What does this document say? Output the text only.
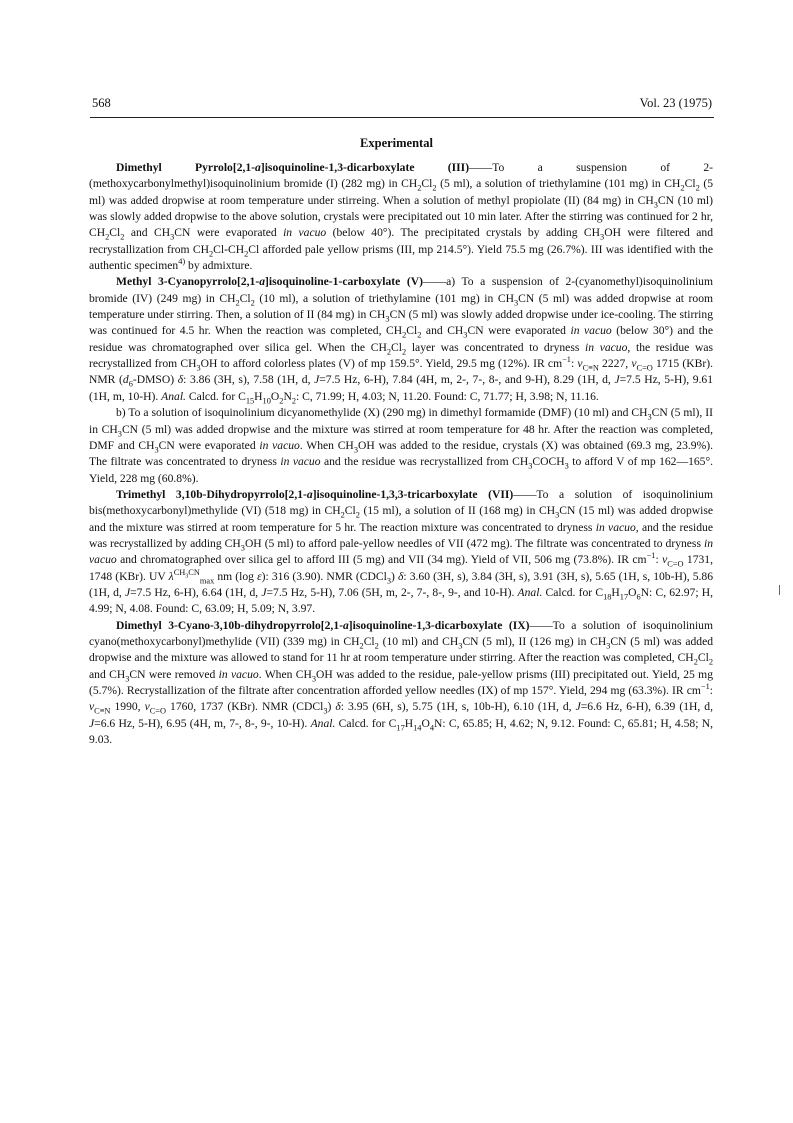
568	Vol. 23 (1975)
Experimental

Dimethyl Pyrrolo[2,1-a]isoquinoline-1,3-dicarboxylate (III)——To a suspension of 2-(methoxycarbonylmethyl)isoquinolinium bromide (I) (282 mg) in $CH_2Cl_2$ (5 ml), a solution of triethylamine (101 mg) in $CH_2Cl_2$ (5 ml) was added dropwise at room temperature under stirreing. When a solution of methyl propiolate (II) (84 mg) in $CH_3CN$ (10 ml) was slowly added dropwise to the above solution, crystals were precipitated out 10 min later. After the stirring was continued for 2 hr, $CH_2Cl_2$ and $CH_3CN$ were evaporated in vacuo (below 40°). The precipitated crystals by adding $CH_3OH$ were filtered and recrystallization from $CH_2Cl-CH_2Cl$ afforded pale yellow prisms (III, mp 214.5°). Yield 75.5 mg (26.7%). III was identified with the authentic specimen$^{4)}$ by admixture.

Methyl 3-Cyanopyrrolo[2,1-a]isoquinoline-1-carboxylate (V)——a) To a suspension of 2-(cyanomethyl)isoquinolinium bromide (IV) (249 mg) in $CH_2Cl_2$ (10 ml), a solution of triethylamine (101 mg) in $CH_3CN$ (5 ml) was added dropwise at room temperature under stirring. Then, a solution of II (84 mg) in $CH_3CN$ (5 ml) was slowly added dropwise under ice-cooling. The stirring was continued for 4.5 hr. When the reaction was completed, $CH_2Cl_2$ and $CH_3CN$ were evaporated in vacuo (below 30°) and the residue was chromatographed over silica gel. When the $CH_2Cl_2$ layer was concentrated to dryness in vacuo, the residue was recrystallized from $CH_3OH$ to afford colorless plates (V) of mp 159.5°. Yield, 29.5 mg (12%). IR $cm^{-1}$: $\nu_{C\equiv N}$ 2227, $\nu_{C=O}$ 1715 (KBr). NMR $(d_6-DMSO)$ δ: 3.86 (3H, s), 7.58 (1H, d, J=7.5 Hz, 6-H), 7.84 (4H, m, 2-, 7-, 8-, and 9-H), 8.29 (1H, d, J=7.5 Hz, 5-H), 9.61 (1H, m, 10-H). Anal. Calcd. for $C_{15}H_{10}O_2N_2$: C, 71.99; H, 4.03; N, 11.20. Found: C, 71.77; H, 3.98; N, 11.16.

b) To a solution of isoquinolinium dicyanomethylide (X) (290 mg) in dimethyl formamide (DMF) (10 ml) and $CH_3CN$ (5 ml), II in $CH_3CN$ (5 ml) was added dropwise and the mixture was stirred at room temperature for 48 hr. After the reaction was completed, DMF and $CH_3CN$ were evaporated in vacuo. When $CH_3OH$ was added to the residue, crystals (X) was obtained (69.3 mg, 23.9%). The filtrate was concentrated to dryness in vacuo and the residue was recrystallized from $CH_3COCH_3$ to afford V of mp 162—165°. Yield, 228 mg (60.8%).

Trimethyl 3,10b-Dihydropyrrolo[2,1-a]isoquinoline-1,3,3-tricarboxylate (VII)——To a solution of isoquinolinium bis(methoxycarbonyl)methylide (VI) (518 mg) in $CH_2Cl_2$ (15 ml), a solution of II (168 mg) in $CH_3CN$ (15 ml) was added dropwise and the mixture was stirred at room temperature for 5 hr. The reaction mixture was concentrated to dryness in vacuo, and the residue was recrystallized by adding $CH_3OH$ (5 ml) to afford pale-yellow needles of VII (472 mg). The filtrate was concentrated to dryness in vacuo and chromatographed over silica gel to afford III (5 mg) and VII (34 mg). Yield of VII, 506 mg (73.8%). IR $cm^{-1}$: $\nu_{C=O}$ 1731, 1748 (KBr). UV $\lambda^{CH_3CN}_{max}$ nm (log ε): 316 (3.90). NMR (CDCl$_3$) δ: 3.60 (3H, s), 3.84 (3H, s), 3.91 (3H, s), 5.65 (1H, s, 10b-H), 5.86 (1H, d, J=7.5 Hz, 6-H), 6.64 (1H, d, J=7.5 Hz, 5-H), 7.06 (5H, m, 2-, 7-, 8-, 9-, and 10-H). Anal. Calcd. for $C_{18}H_{17}O_6N$: C, 62.97; H, 4.99; N, 4.08. Found: C, 63.09; H, 5.09; N, 3.97.

Dimethyl 3-Cyano-3,10b-dihydropyrrolo[2,1-a]isoquinoline-1,3-dicarboxylate (IX)——To a solution of isoquinolinium cyano(methoxycarbonyl)methylide (VII) (339 mg) in $CH_2Cl_2$ (10 ml) and $CH_3CN$ (5 ml), II (126 mg) in $CH_3CN$ (5 ml) was added dropwise and the mixture was allowed to stand for 11 hr at room temperature under stirring. After the reaction was completed, $CH_2Cl_2$ and $CH_3CN$ were removed in vacuo. When $CH_3OH$ was added to the residue, pale-yellow prisms (III) precipitated out. Yield, 25 mg (5.7%). Recrystallization of the filtrate after concentration afforded yellow needles (IX) of mp 157°. Yield, 294 mg (63.3%). IR $cm^{-1}$: $\nu_{C\equiv N}$ 1990, $\nu_{C=O}$ 1760, 1737 (KBr). NMR (CDCl$_3$) δ: 3.95 (6H, s), 5.75 (1H, s, 10b-H), 6.10 (1H, d, J=6.6 Hz, 6-H), 6.39 (1H, d, J=6.6 Hz, 5-H), 6.95 (4H, m, 7-, 8-, 9-, 10-H). Anal. Calcd. for $C_{17}H_{14}O_4N$: C, 65.85; H, 4.62; N, 9.12. Found: C, 65.81; H, 4.58; N, 9.03.
